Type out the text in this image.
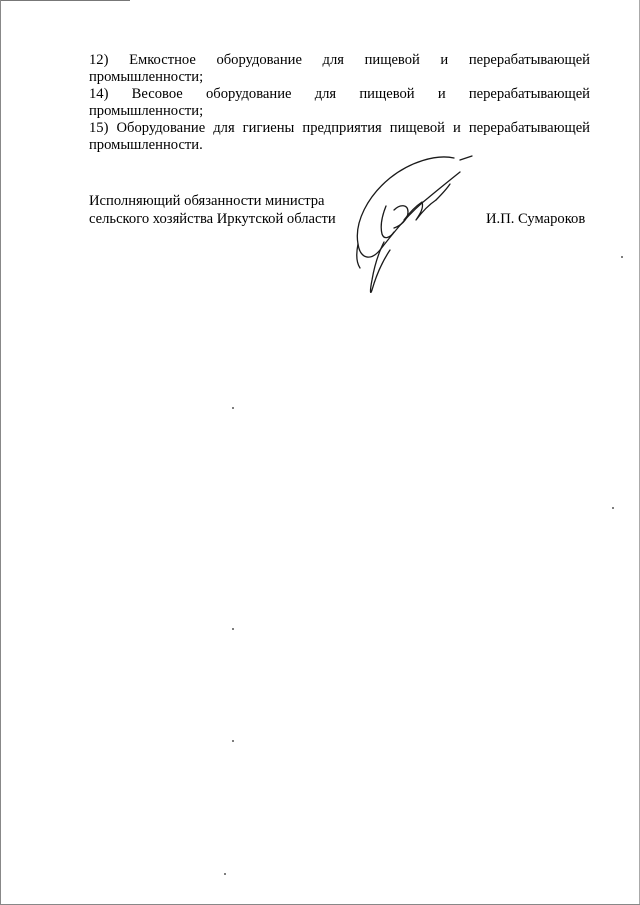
12) Емкостное оборудование для пищевой и перерабатывающей
промышленности;

14) Весовое оборудование для пищевой и перерабатывающей
промышленности;

15) Оборудование для гигиены предприятия пищевой и перерабатывающей
промышленности.

Исполняющий обязанности министра
сельского хозяйства Иркутской области	И.П. Сумароков
